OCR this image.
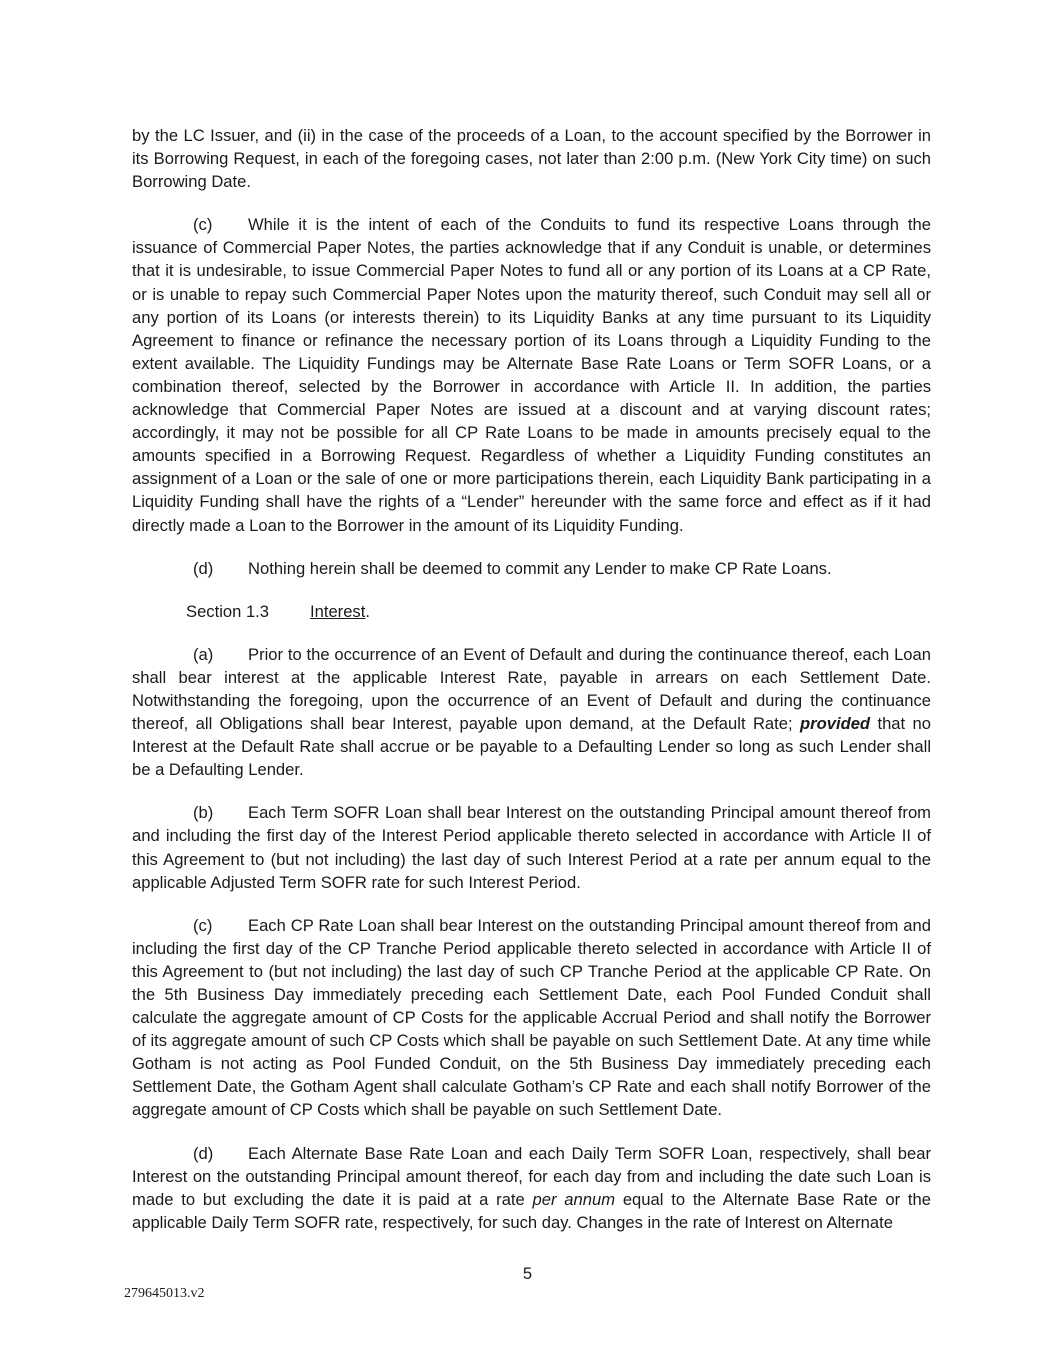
by the LC Issuer, and (ii) in the case of the proceeds of a Loan, to the account specified by the Borrower in its Borrowing Request, in each of the foregoing cases, not later than 2:00 p.m. (New York City time) on such Borrowing Date.

(c) While it is the intent of each of the Conduits to fund its respective Loans through the issuance of Commercial Paper Notes, the parties acknowledge that if any Conduit is unable, or determines that it is undesirable, to issue Commercial Paper Notes to fund all or any portion of its Loans at a CP Rate, or is unable to repay such Commercial Paper Notes upon the maturity thereof, such Conduit may sell all or any portion of its Loans (or interests therein) to its Liquidity Banks at any time pursuant to its Liquidity Agreement to finance or refinance the necessary portion of its Loans through a Liquidity Funding to the extent available. The Liquidity Fundings may be Alternate Base Rate Loans or Term SOFR Loans, or a combination thereof, selected by the Borrower in accordance with Article II. In addition, the parties acknowledge that Commercial Paper Notes are issued at a discount and at varying discount rates; accordingly, it may not be possible for all CP Rate Loans to be made in amounts precisely equal to the amounts specified in a Borrowing Request. Regardless of whether a Liquidity Funding constitutes an assignment of a Loan or the sale of one or more participations therein, each Liquidity Bank participating in a Liquidity Funding shall have the rights of a “Lender” hereunder with the same force and effect as if it had directly made a Loan to the Borrower in the amount of its Liquidity Funding.

(d) Nothing herein shall be deemed to commit any Lender to make CP Rate Loans.

Section 1.3 Interest.

(a) Prior to the occurrence of an Event of Default and during the continuance thereof, each Loan shall bear interest at the applicable Interest Rate, payable in arrears on each Settlement Date. Notwithstanding the foregoing, upon the occurrence of an Event of Default and during the continuance thereof, all Obligations shall bear Interest, payable upon demand, at the Default Rate; provided that no Interest at the Default Rate shall accrue or be payable to a Defaulting Lender so long as such Lender shall be a Defaulting Lender.

(b) Each Term SOFR Loan shall bear Interest on the outstanding Principal amount thereof from and including the first day of the Interest Period applicable thereto selected in accordance with Article II of this Agreement to (but not including) the last day of such Interest Period at a rate per annum equal to the applicable Adjusted Term SOFR rate for such Interest Period.

(c) Each CP Rate Loan shall bear Interest on the outstanding Principal amount thereof from and including the first day of the CP Tranche Period applicable thereto selected in accordance with Article II of this Agreement to (but not including) the last day of such CP Tranche Period at the applicable CP Rate. On the 5th Business Day immediately preceding each Settlement Date, each Pool Funded Conduit shall calculate the aggregate amount of CP Costs for the applicable Accrual Period and shall notify the Borrower of its aggregate amount of such CP Costs which shall be payable on such Settlement Date. At any time while Gotham is not acting as Pool Funded Conduit, on the 5th Business Day immediately preceding each Settlement Date, the Gotham Agent shall calculate Gotham’s CP Rate and each shall notify Borrower of the aggregate amount of CP Costs which shall be payable on such Settlement Date.

(d) Each Alternate Base Rate Loan and each Daily Term SOFR Loan, respectively, shall bear Interest on the outstanding Principal amount thereof, for each day from and including the date such Loan is made to but excluding the date it is paid at a rate per annum equal to the Alternate Base Rate or the applicable Daily Term SOFR rate, respectively, for such day. Changes in the rate of Interest on Alternate

5
279645013.v2
